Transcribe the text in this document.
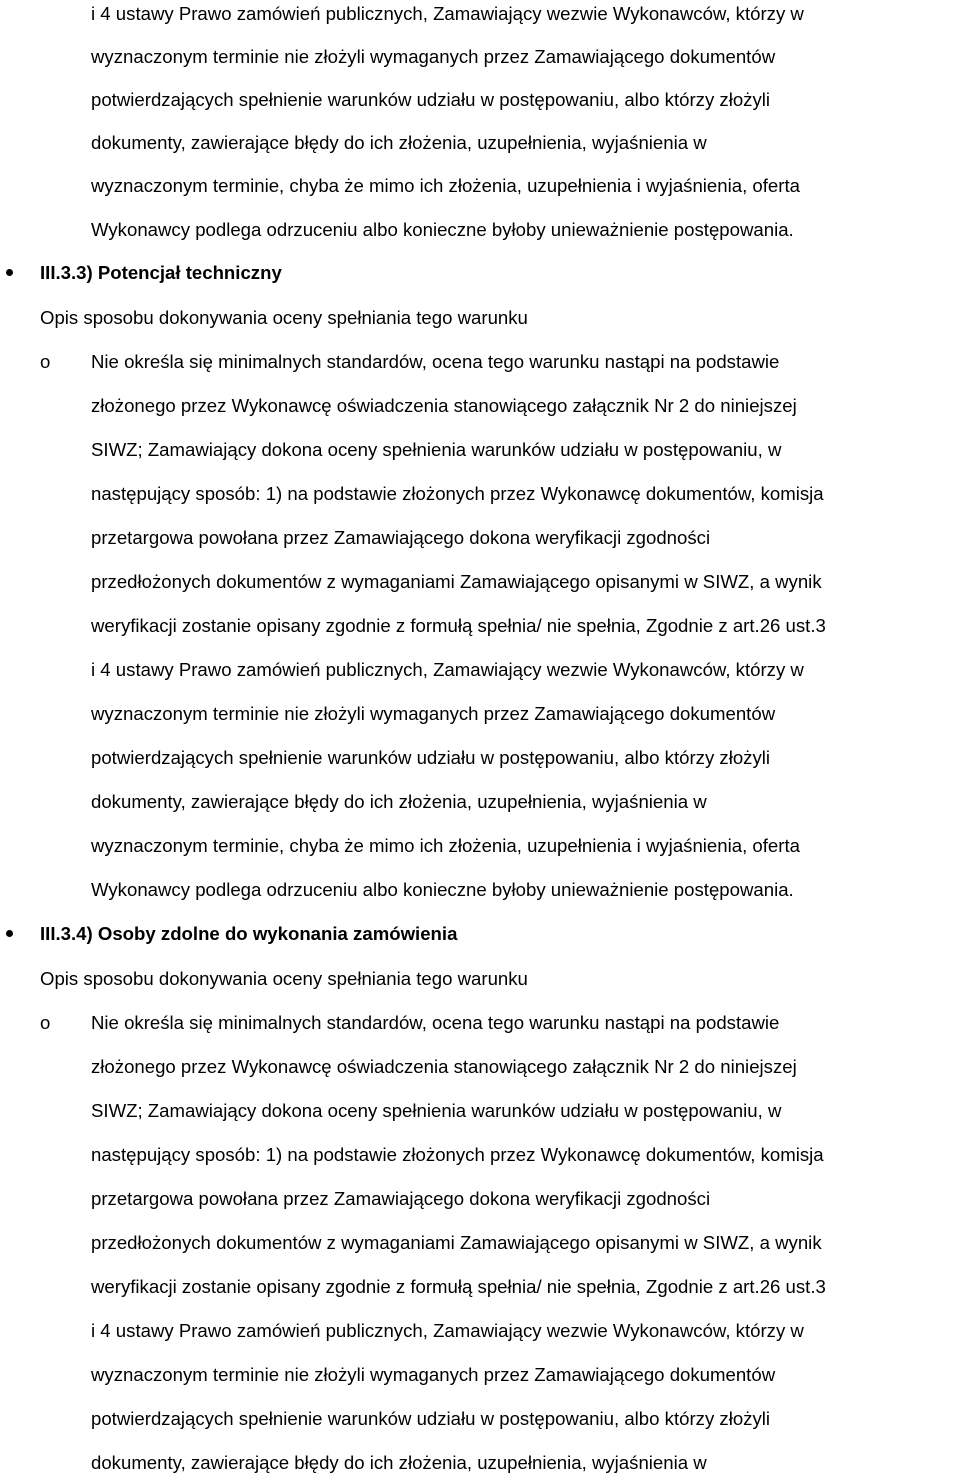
i 4 ustawy Prawo zamówień publicznych, Zamawiający wezwie Wykonawców, którzy w
wyznaczonym terminie nie złożyli wymaganych przez Zamawiającego dokumentów
potwierdzających spełnienie warunków udziału w postępowaniu, albo którzy złożyli
dokumenty, zawierające błędy do ich złożenia, uzupełnienia, wyjaśnienia w
wyznaczonym terminie, chyba że mimo ich złożenia, uzupełnienia i wyjaśnienia, oferta
Wykonawcy podlega odrzuceniu albo konieczne byłoby unieważnienie postępowania.
III.3.3) Potencjał techniczny
Opis sposobu dokonywania oceny spełniania tego warunku
o Nie określa się minimalnych standardów, ocena tego warunku nastąpi na podstawie
złożonego przez Wykonawcę oświadczenia stanowiącego załącznik Nr 2 do niniejszej
SIWZ; Zamawiający dokona oceny spełnienia warunków udziału w postępowaniu, w
następujący sposób: 1) na podstawie złożonych przez Wykonawcę dokumentów, komisja
przetargowa powołana przez Zamawiającego dokona weryfikacji zgodności
przedłożonych dokumentów z wymaganiami Zamawiającego opisanymi w SIWZ, a wynik
weryfikacji zostanie opisany zgodnie z formułą spełnia/ nie spełnia, Zgodnie z art.26 ust.3
i 4 ustawy Prawo zamówień publicznych, Zamawiający wezwie Wykonawców, którzy w
wyznaczonym terminie nie złożyli wymaganych przez Zamawiającego dokumentów
potwierdzających spełnienie warunków udziału w postępowaniu, albo którzy złożyli
dokumenty, zawierające błędy do ich złożenia, uzupełnienia, wyjaśnienia w
wyznaczonym terminie, chyba że mimo ich złożenia, uzupełnienia i wyjaśnienia, oferta
Wykonawcy podlega odrzuceniu albo konieczne byłoby unieważnienie postępowania.
III.3.4) Osoby zdolne do wykonania zamówienia
Opis sposobu dokonywania oceny spełniania tego warunku
o Nie określa się minimalnych standardów, ocena tego warunku nastąpi na podstawie
złożonego przez Wykonawcę oświadczenia stanowiącego załącznik Nr 2 do niniejszej
SIWZ; Zamawiający dokona oceny spełnienia warunków udziału w postępowaniu, w
następujący sposób: 1) na podstawie złożonych przez Wykonawcę dokumentów, komisja
przetargowa powołana przez Zamawiającego dokona weryfikacji zgodności
przedłożonych dokumentów z wymaganiami Zamawiającego opisanymi w SIWZ, a wynik
weryfikacji zostanie opisany zgodnie z formułą spełnia/ nie spełnia, Zgodnie z art.26 ust.3
i 4 ustawy Prawo zamówień publicznych, Zamawiający wezwie Wykonawców, którzy w
wyznaczonym terminie nie złożyli wymaganych przez Zamawiającego dokumentów
potwierdzających spełnienie warunków udziału w postępowaniu, albo którzy złożyli
dokumenty, zawierające błędy do ich złożenia, uzupełnienia, wyjaśnienia w
